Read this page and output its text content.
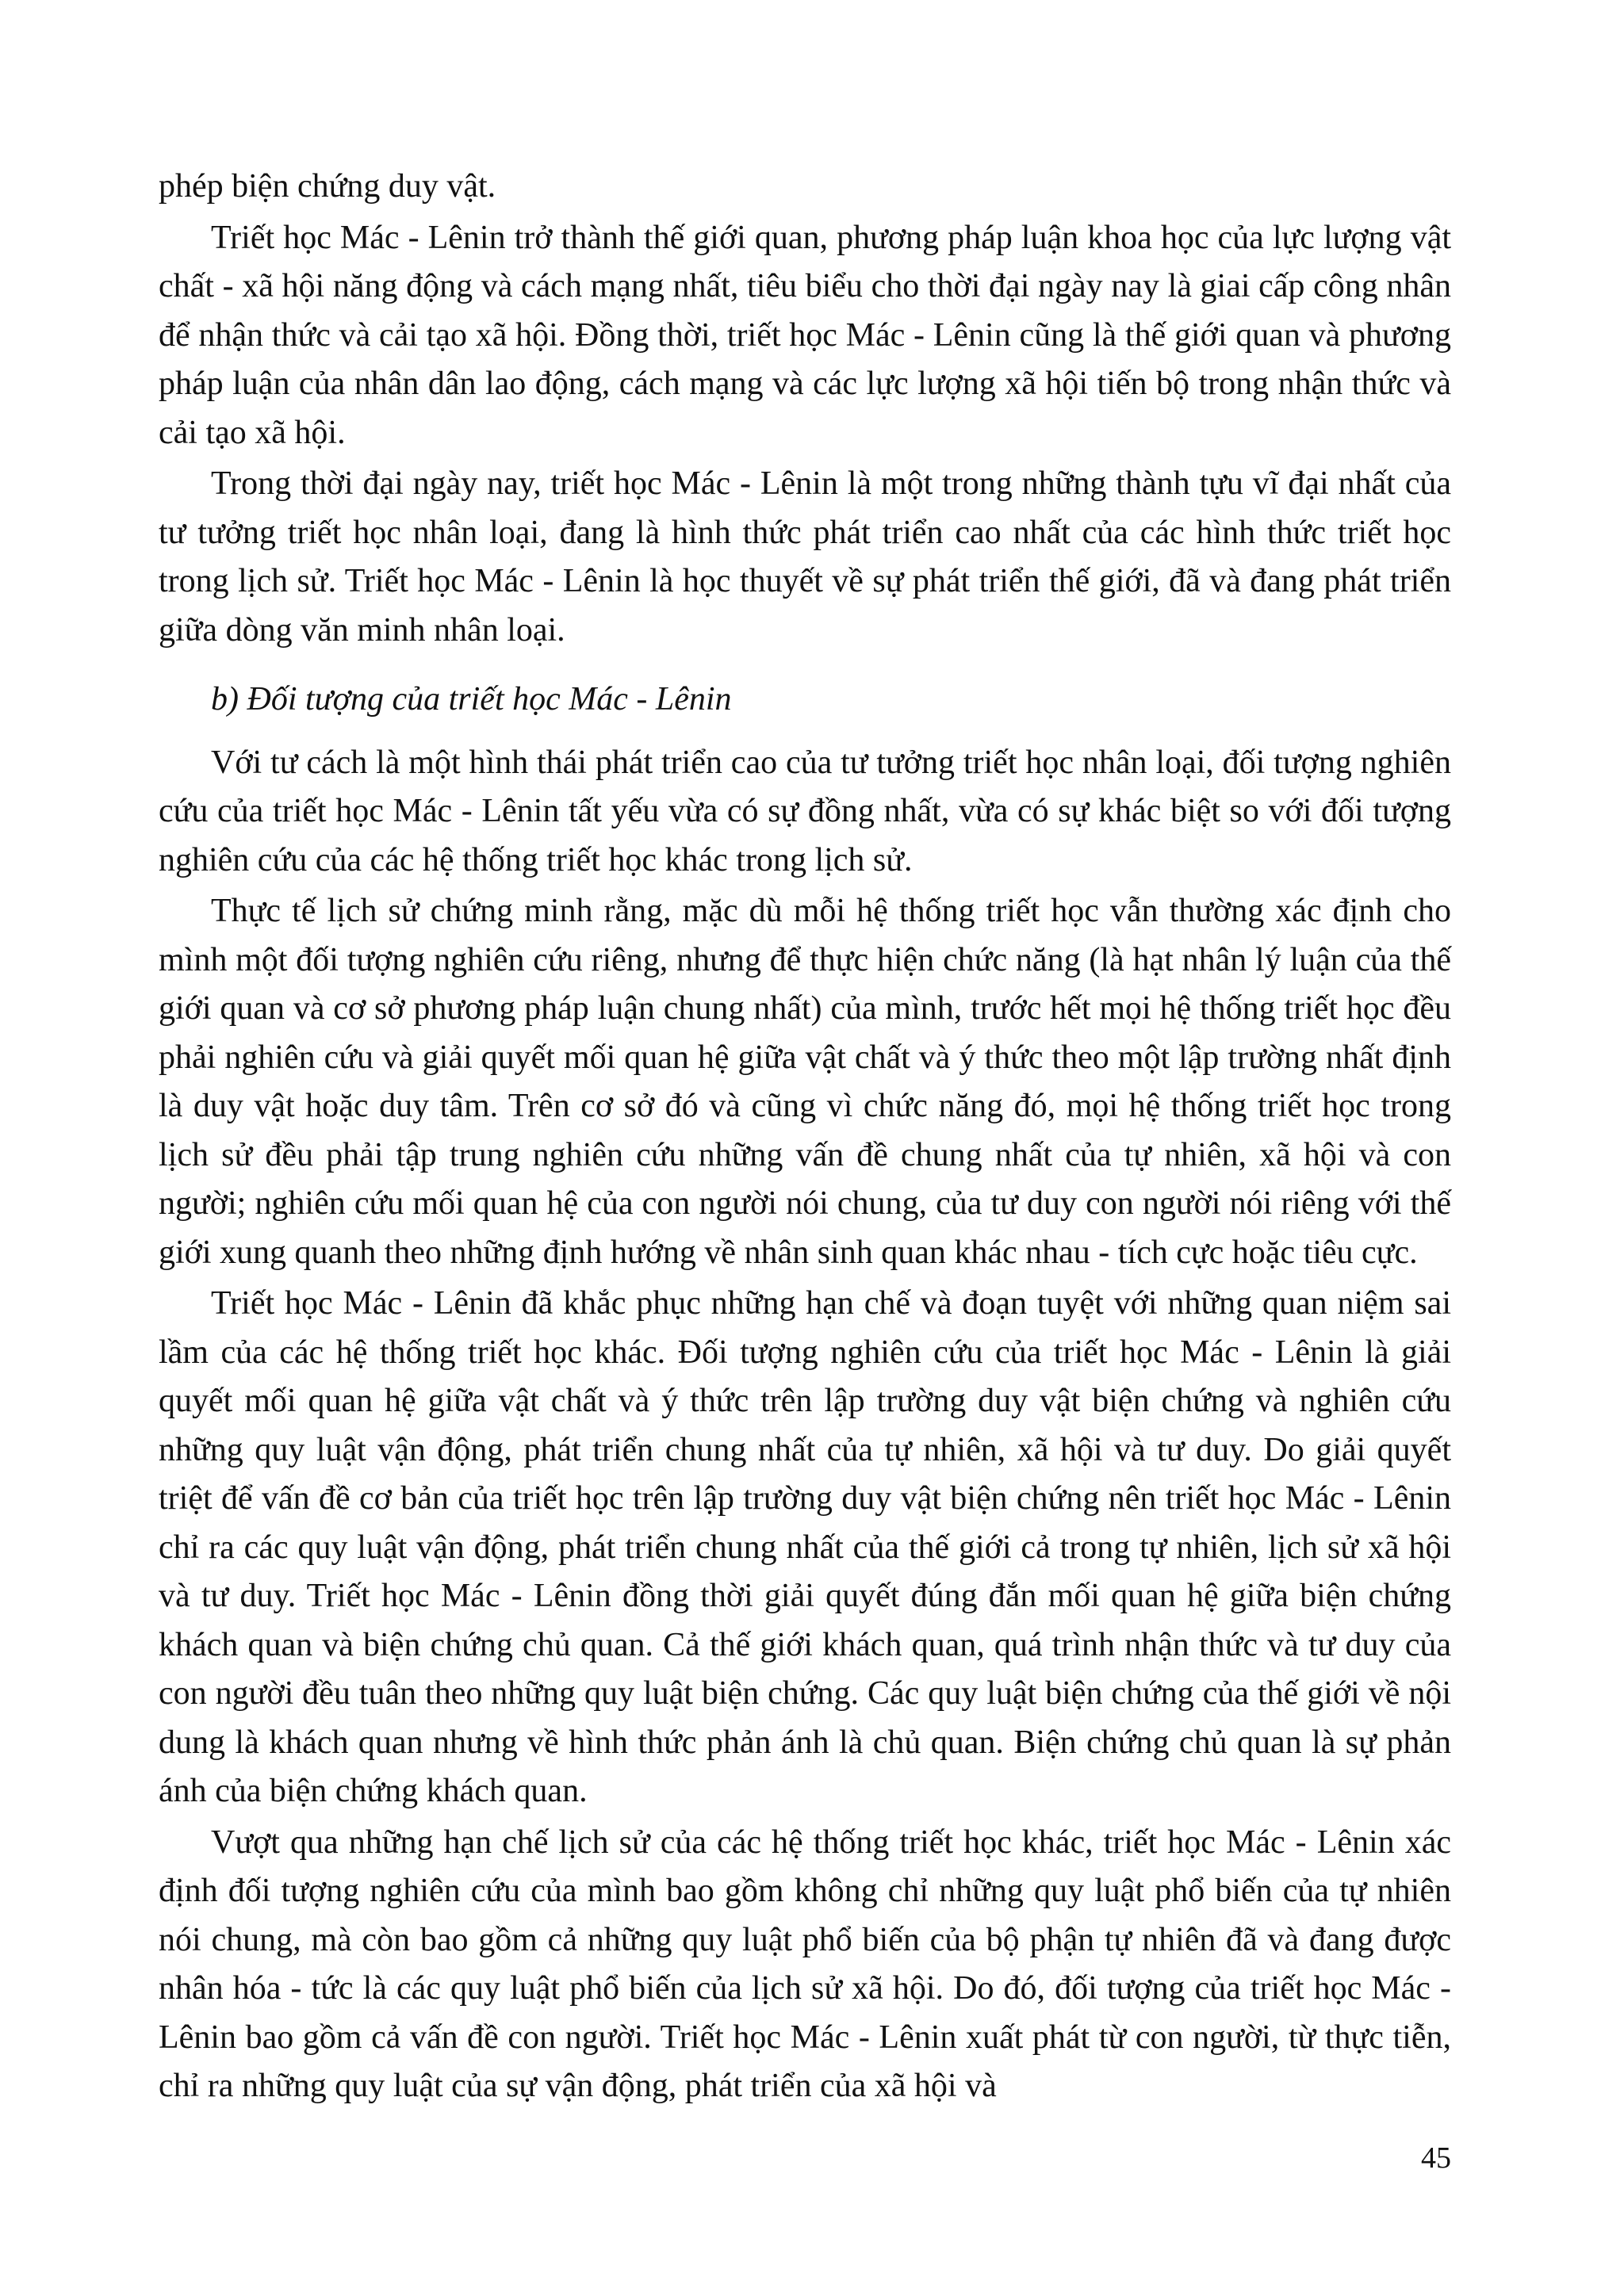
phép biện chứng duy vật.

Triết học Mác - Lênin trở thành thế giới quan, phương pháp luận khoa học của lực lượng vật chất - xã hội năng động và cách mạng nhất, tiêu biểu cho thời đại ngày nay là giai cấp công nhân để nhận thức và cải tạo xã hội. Đồng thời, triết học Mác - Lênin cũng là thế giới quan và phương pháp luận của nhân dân lao động, cách mạng và các lực lượng xã hội tiến bộ trong nhận thức và cải tạo xã hội.

Trong thời đại ngày nay, triết học Mác - Lênin là một trong những thành tựu vĩ đại nhất của tư tưởng triết học nhân loại, đang là hình thức phát triển cao nhất của các hình thức triết học trong lịch sử. Triết học Mác - Lênin là học thuyết về sự phát triển thế giới, đã và đang phát triển giữa dòng văn minh nhân loại.

b) Đối tượng của triết học Mác - Lênin

Với tư cách là một hình thái phát triển cao của tư tưởng triết học nhân loại, đối tượng nghiên cứu của triết học Mác - Lênin tất yếu vừa có sự đồng nhất, vừa có sự khác biệt so với đối tượng nghiên cứu của các hệ thống triết học khác trong lịch sử.

Thực tế lịch sử chứng minh rằng, mặc dù mỗi hệ thống triết học vẫn thường xác định cho mình một đối tượng nghiên cứu riêng, nhưng để thực hiện chức năng (là hạt nhân lý luận của thế giới quan và cơ sở phương pháp luận chung nhất) của mình, trước hết mọi hệ thống triết học đều phải nghiên cứu và giải quyết mối quan hệ giữa vật chất và ý thức theo một lập trường nhất định là duy vật hoặc duy tâm. Trên cơ sở đó và cũng vì chức năng đó, mọi hệ thống triết học trong lịch sử đều phải tập trung nghiên cứu những vấn đề chung nhất của tự nhiên, xã hội và con người; nghiên cứu mối quan hệ của con người nói chung, của tư duy con người nói riêng với thế giới xung quanh theo những định hướng về nhân sinh quan khác nhau - tích cực hoặc tiêu cực.

Triết học Mác - Lênin đã khắc phục những hạn chế và đoạn tuyệt với những quan niệm sai lầm của các hệ thống triết học khác. Đối tượng nghiên cứu của triết học Mác - Lênin là giải quyết mối quan hệ giữa vật chất và ý thức trên lập trường duy vật biện chứng và nghiên cứu những quy luật vận động, phát triển chung nhất của tự nhiên, xã hội và tư duy. Do giải quyết triệt để vấn đề cơ bản của triết học trên lập trường duy vật biện chứng nên triết học Mác - Lênin chỉ ra các quy luật vận động, phát triển chung nhất của thế giới cả trong tự nhiên, lịch sử xã hội và tư duy. Triết học Mác - Lênin đồng thời giải quyết đúng đắn mối quan hệ giữa biện chứng khách quan và biện chứng chủ quan. Cả thế giới khách quan, quá trình nhận thức và tư duy của con người đều tuân theo những quy luật biện chứng. Các quy luật biện chứng của thế giới về nội dung là khách quan nhưng về hình thức phản ánh là chủ quan. Biện chứng chủ quan là sự phản ánh của biện chứng khách quan.

Vượt qua những hạn chế lịch sử của các hệ thống triết học khác, triết học Mác - Lênin xác định đối tượng nghiên cứu của mình bao gồm không chỉ những quy luật phổ biến của tự nhiên nói chung, mà còn bao gồm cả những quy luật phổ biến của bộ phận tự nhiên đã và đang được nhân hóa - tức là các quy luật phổ biến của lịch sử xã hội. Do đó, đối tượng của triết học Mác - Lênin bao gồm cả vấn đề con người. Triết học Mác - Lênin xuất phát từ con người, từ thực tiễn, chỉ ra những quy luật của sự vận động, phát triển của xã hội và

45
